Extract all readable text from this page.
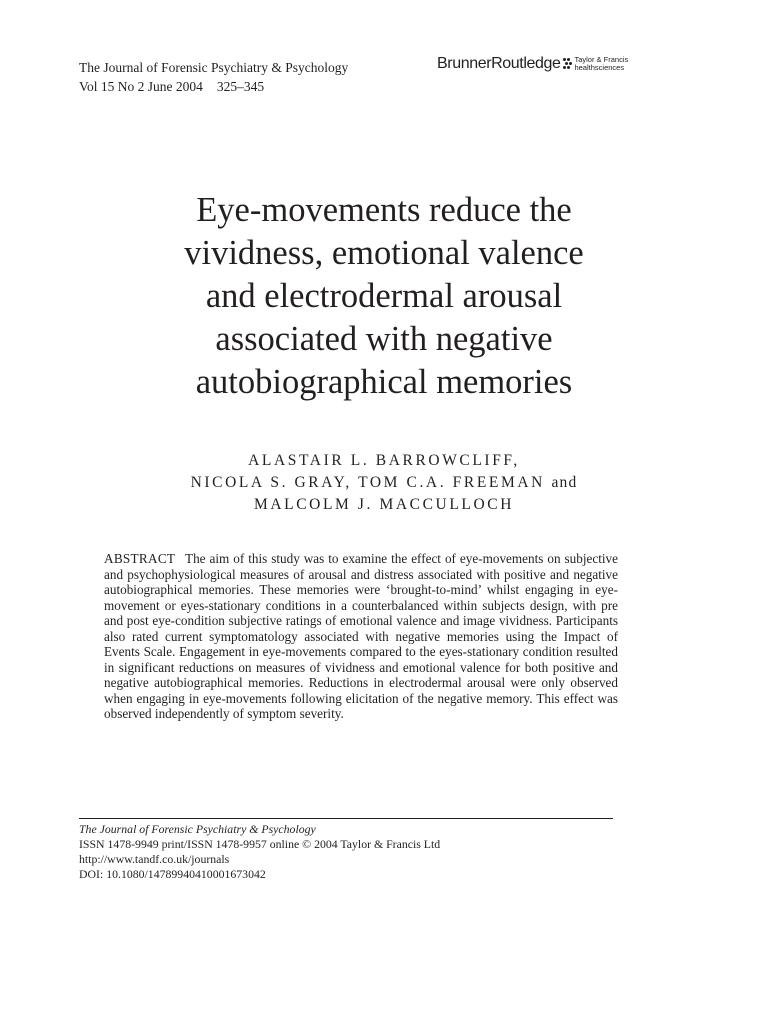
The Journal of Forensic Psychiatry & Psychology
Vol 15 No 2 June 2004 325–345
BrunnerRoutledge Taylor & Francis
healthsciences
Eye-movements reduce the
vividness, emotional valence
and electrodermal arousal
associated with negative
autobiographical memories
ALASTAIR L. BARROWCLIFF,
NICOLA S. GRAY, TOM C.A. FREEMAN and
MALCOLM J. MACCULLOCH

ABSTRACT The aim of this study was to examine the effect of eye-movements on subjective and psychophysiological measures of arousal and distress associated with positive and negative autobiographical memories. These memories were ‘brought-to-mind’ whilst engaging in eye-movement or eyes-stationary conditions in a counterbalanced within subjects design, with pre and post eye-condition subjective ratings of emotional valence and image vividness. Participants also rated current symptomatology associated with negative memories using the Impact of Events Scale. Engagement in eye-movements compared to the eyes-stationary condition resulted in significant reductions on measures of vividness and emotional valence for both positive and negative autobiographical memories. Reductions in electrodermal arousal were only observed when engaging in eye-movements following elicitation of the negative memory. This effect was observed independently of symptom severity.

The Journal of Forensic Psychiatry & Psychology
ISSN 1478-9949 print/ISSN 1478-9957 online © 2004 Taylor & Francis Ltd
http://www.tandf.co.uk/journals
DOI: 10.1080/14789940410001673042
